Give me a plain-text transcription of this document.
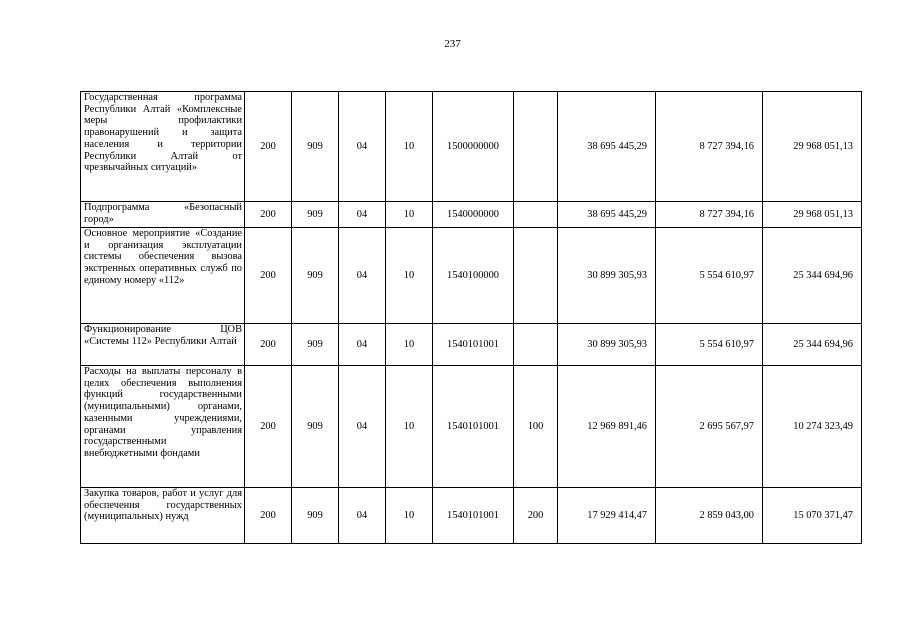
237
Государственная программа Республики Алтай «Комплексные меры профилактики правонарушений и защита населения и территории Республики Алтай от чрезвычайных ситуаций»	200	909	04	10	1500000000		38 695 445,29	8 727 394,16	29 968 051,13
Подпрограмма «Безопасный город»	200	909	04	10	1540000000		38 695 445,29	8 727 394,16	29 968 051,13
Основное мероприятие «Создание и организация эксплуатации системы обеспечения вызова экстренных оперативных служб по единому номеру «112»	200	909	04	10	1540100000		30 899 305,93	5 554 610,97	25 344 694,96
Функционирование ЦОВ «Системы 112» Республики Алтай	200	909	04	10	1540101001		30 899 305,93	5 554 610,97	25 344 694,96
Расходы на выплаты персоналу в целях обеспечения выполнения функций государственными (муниципальными) органами, казенными учреждениями, органами управления государственными внебюджетными фондами	200	909	04	10	1540101001	100	12 969 891,46	2 695 567,97	10 274 323,49
Закупка товаров, работ и услуг для обеспечения государственных (муниципальных) нужд	200	909	04	10	1540101001	200	17 929 414,47	2 859 043,00	15 070 371,47
